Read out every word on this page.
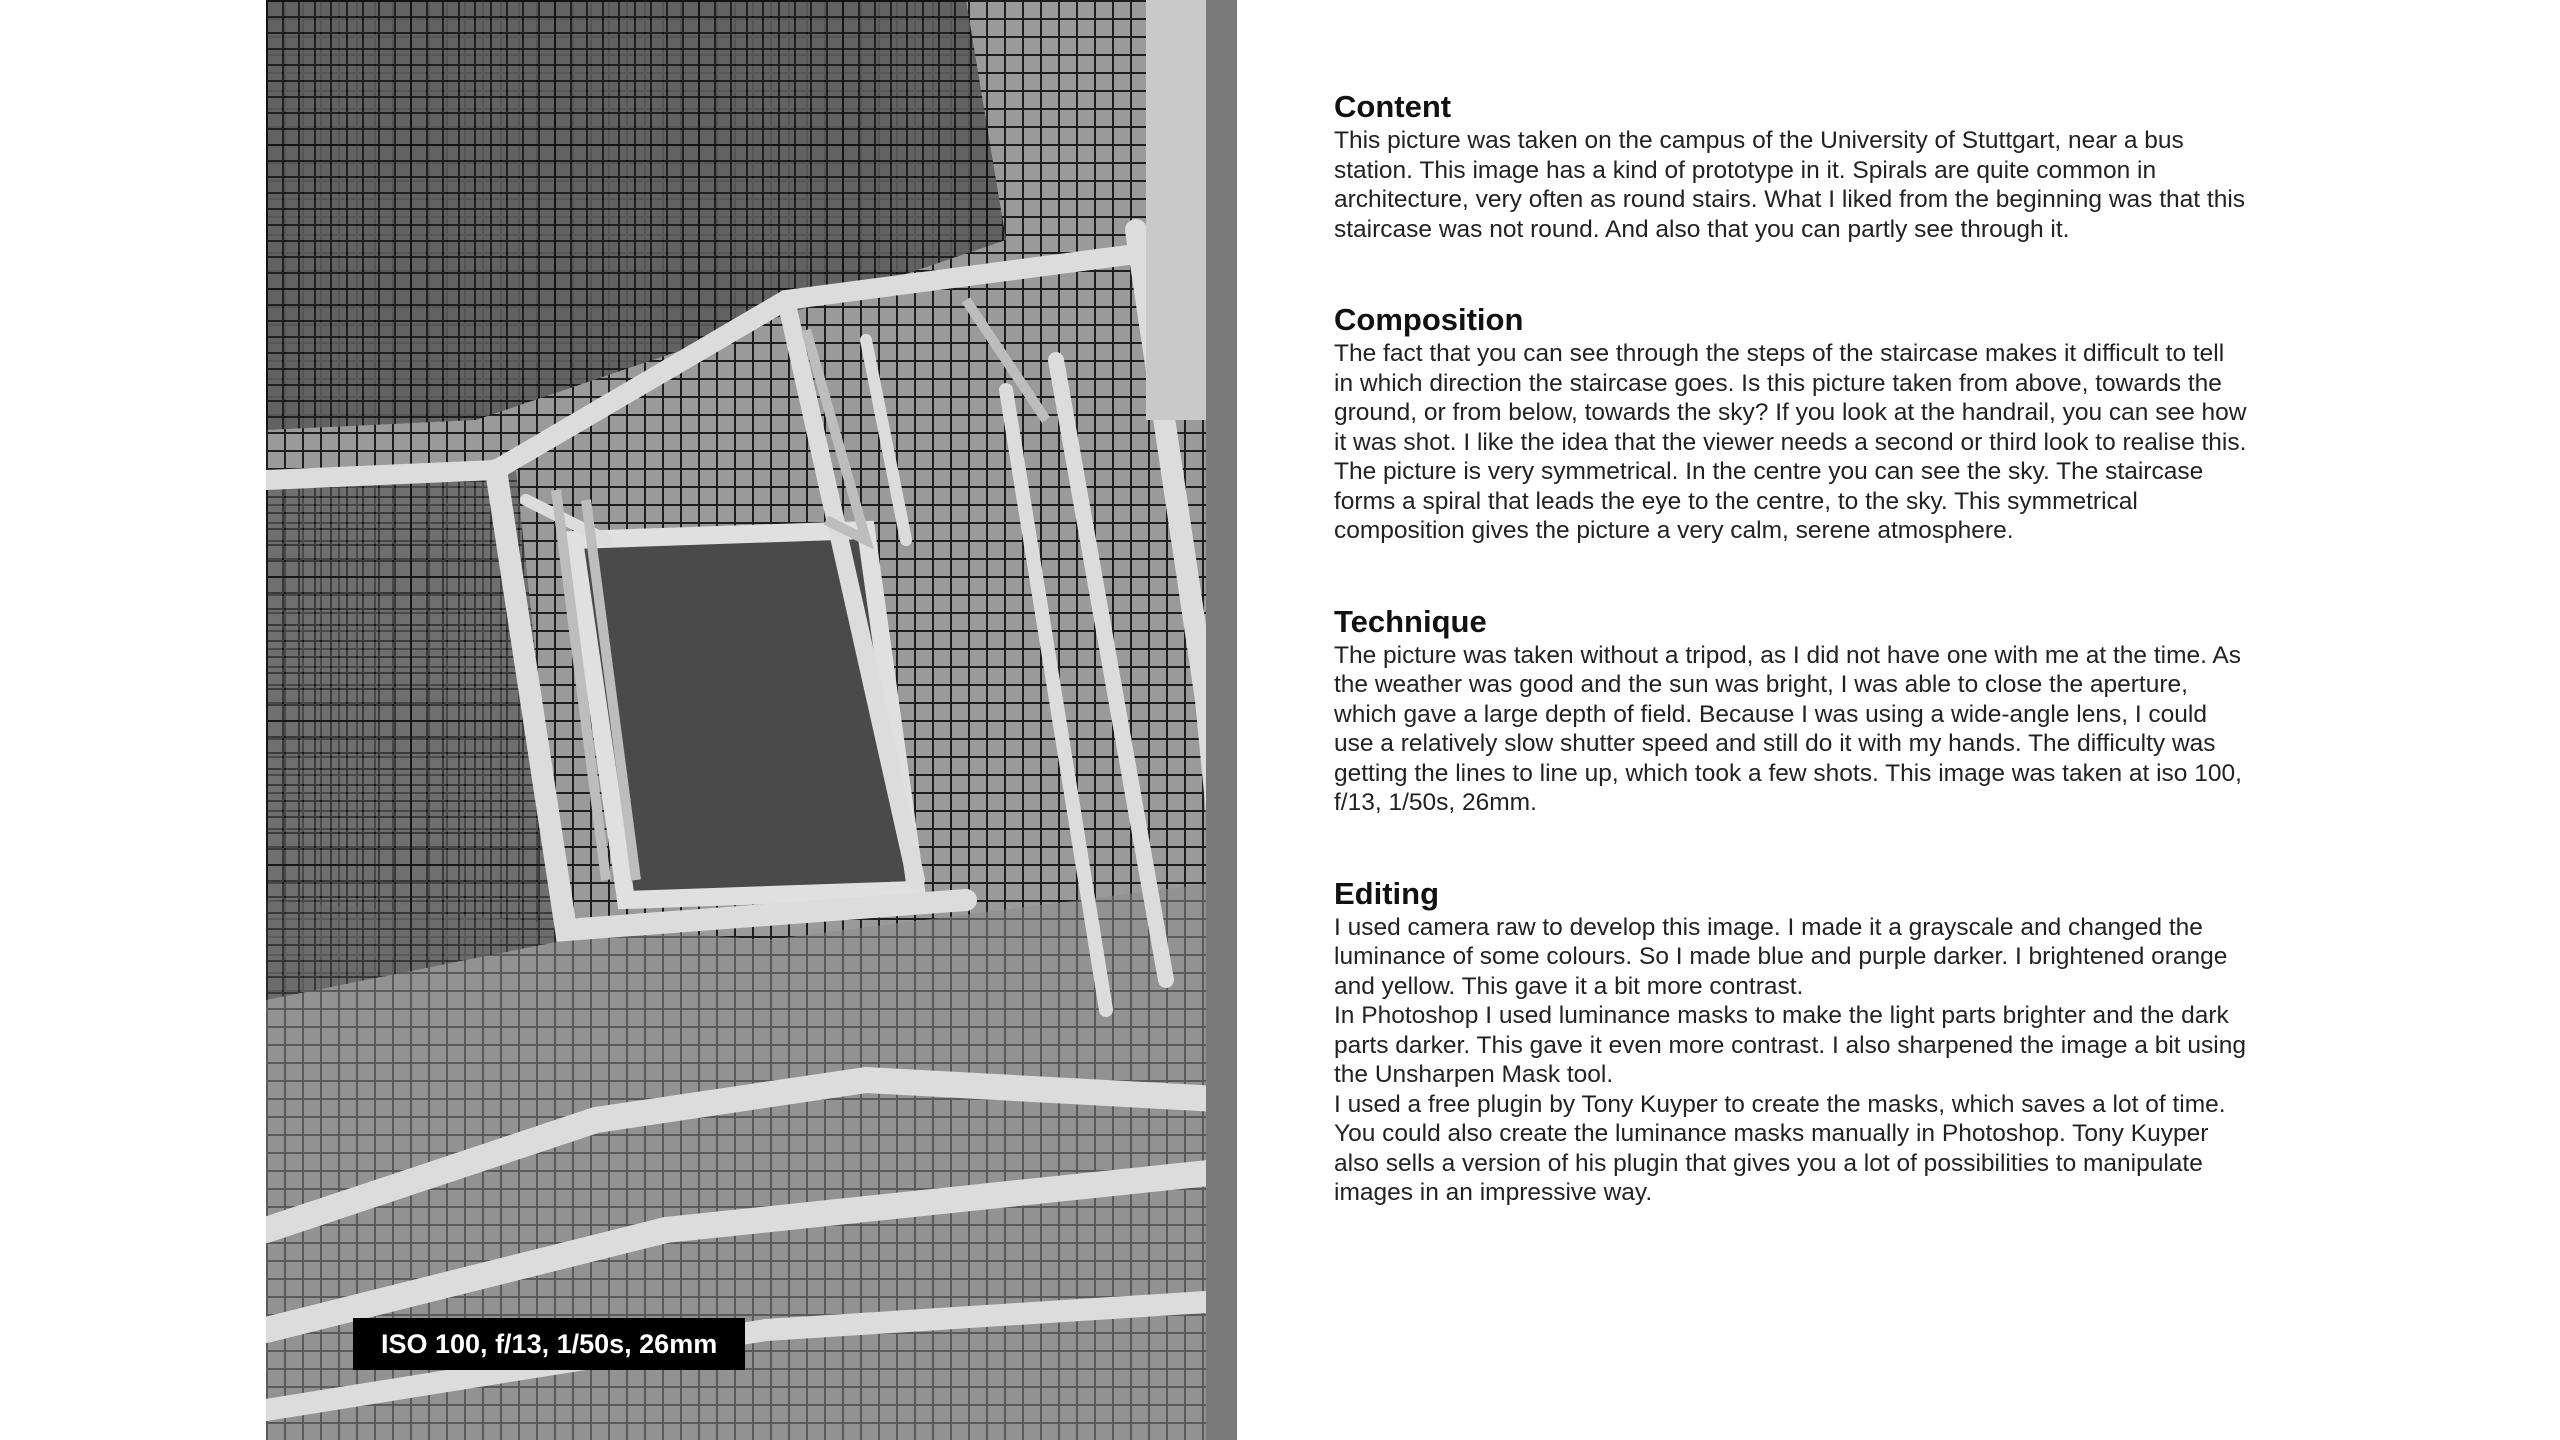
ISO 100, f/13, 1/50s, 26mm
Content

This picture was taken on the campus of the University of Stuttgart, near a bus station. This image has a kind of prototype in it. Spirals are quite common in architecture, very often as round stairs. What I liked from the beginning was that this staircase was not round. And also that you can partly see through it.

Composition

The fact that you can see through the steps of the staircase makes it difficult to tell in which direction the staircase goes. Is this picture taken from above, towards the ground, or from below, towards the sky? If you look at the handrail, you can see how it was shot. I like the idea that the viewer needs a second or third look to realise this.

The picture is very symmetrical. In the centre you can see the sky. The staircase forms a spiral that leads the eye to the centre, to the sky. This symmetrical composition gives the picture a very calm, serene atmosphere.

Technique

The picture was taken without a tripod, as I did not have one with me at the time. As the weather was good and the sun was bright, I was able to close the aperture, which gave a large depth of field. Because I was using a wide-angle lens, I could use a relatively slow shutter speed and still do it with my hands. The difficulty was getting the lines to line up, which took a few shots. This image was taken at iso 100, f/13, 1/50s, 26mm.

Editing

I used camera raw to develop this image. I made it a grayscale and changed the luminance of some colours. So I made blue and purple darker. I brightened orange and yellow. This gave it a bit more contrast.

In Photoshop I used luminance masks to make the light parts brighter and the dark parts darker. This gave it even more contrast. I also sharpened the image a bit using the Unsharpen Mask tool.

I used a free plugin by Tony Kuyper to create the masks, which saves a lot of time. You could also create the luminance masks manually in Photoshop. Tony Kuyper also sells a version of his plugin that gives you a lot of possibilities to manipulate images in an impressive way.
